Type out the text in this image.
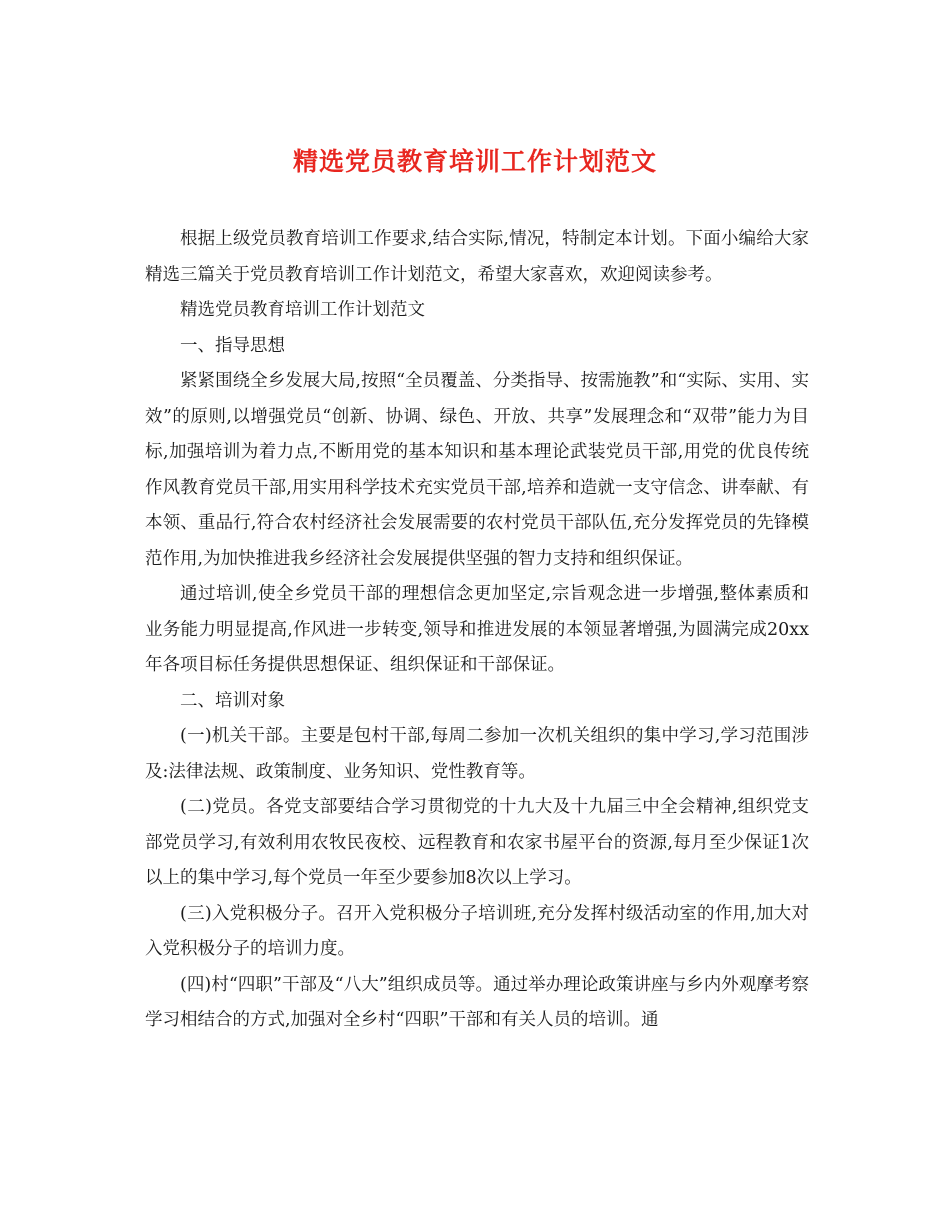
精选党员教育培训工作计划范文

根据上级党员教育培训工作要求,结合实际,情况，特制定本计划。下面小编给大家精选三篇关于党员教育培训工作计划范文，希望大家喜欢，欢迎阅读参考。

精选党员教育培训工作计划范文

一、指导思想

紧紧围绕全乡发展大局,按照“全员覆盖、分类指导、按需施教”和“实际、实用、实效”的原则,以增强党员“创新、协调、绿色、开放、共享”发展理念和“双带”能力为目标,加强培训为着力点,不断用党的基本知识和基本理论武装党员干部,用党的优良传统作风教育党员干部,用实用科学技术充实党员干部,培养和造就一支守信念、讲奉献、有本领、重品行,符合农村经济社会发展需要的农村党员干部队伍,充分发挥党员的先锋模范作用,为加快推进我乡经济社会发展提供坚强的智力支持和组织保证。

通过培训,使全乡党员干部的理想信念更加坚定,宗旨观念进一步增强,整体素质和业务能力明显提高,作风进一步转变,领导和推进发展的本领显著增强,为圆满完成20xx年各项目标任务提供思想保证、组织保证和干部保证。

二、培训对象

(一)机关干部。主要是包村干部,每周二参加一次机关组织的集中学习,学习范围涉及:法律法规、政策制度、业务知识、党性教育等。

(二)党员。各党支部要结合学习贯彻党的十九大及十九届三中全会精神,组织党支部党员学习,有效利用农牧民夜校、远程教育和农家书屋平台的资源,每月至少保证1次以上的集中学习,每个党员一年至少要参加8次以上学习。

(三)入党积极分子。召开入党积极分子培训班,充分发挥村级活动室的作用,加大对入党积极分子的培训力度。

(四)村“四职”干部及“八大”组织成员等。通过举办理论政策讲座与乡内外观摩考察学习相结合的方式,加强对全乡村“四职”干部和有关人员的培训。通
